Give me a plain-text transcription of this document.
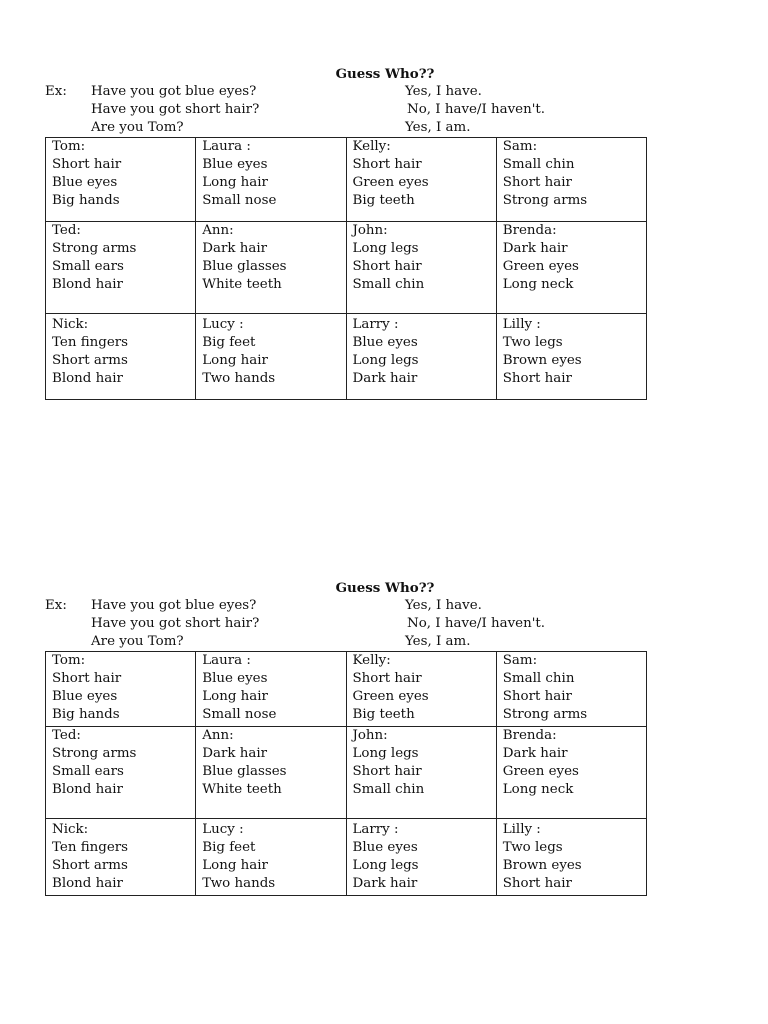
Guess Who??
Ex: Have you got blue eyes?
Have you got short hair?
Are you Tom?
Yes, I have.
No, I have/I haven't.
Yes, I am.
Tom:
Short hair
Blue eyes
Big hands	Laura :
Blue eyes
Long hair
Small nose	Kelly:
Short hair
Green eyes
Big teeth	Sam:
Small chin
Short hair
Strong arms

Ted:
Strong arms
Small ears
Blond hair	Ann:
Dark hair
Blue glasses
White teeth	John:
Long legs
Short hair
Small chin	Brenda:
Dark hair
Green eyes
Long neck

Nick:
Ten fingers
Short arms
Blond hair	Lucy :
Big feet
Long hair
Two hands	Larry :
Blue eyes
Long legs
Dark hair	Lilly :
Two legs
Brown eyes
Short hair
Guess Who??
Ex: Have you got blue eyes?
Have you got short hair?
Are you Tom?
Yes, I have.
No, I have/I haven't.
Yes, I am.
Tom:
Short hair
Blue eyes
Big hands	Laura :
Blue eyes
Long hair
Small nose	Kelly:
Short hair
Green eyes
Big teeth	Sam:
Small chin
Short hair
Strong arms

Ted:
Strong arms
Small ears
Blond hair	Ann:
Dark hair
Blue glasses
White teeth	John:
Long legs
Short hair
Small chin	Brenda:
Dark hair
Green eyes
Long neck

Nick:
Ten fingers
Short arms
Blond hair	Lucy :
Big feet
Long hair
Two hands	Larry :
Blue eyes
Long legs
Dark hair	Lilly :
Two legs
Brown eyes
Short hair
